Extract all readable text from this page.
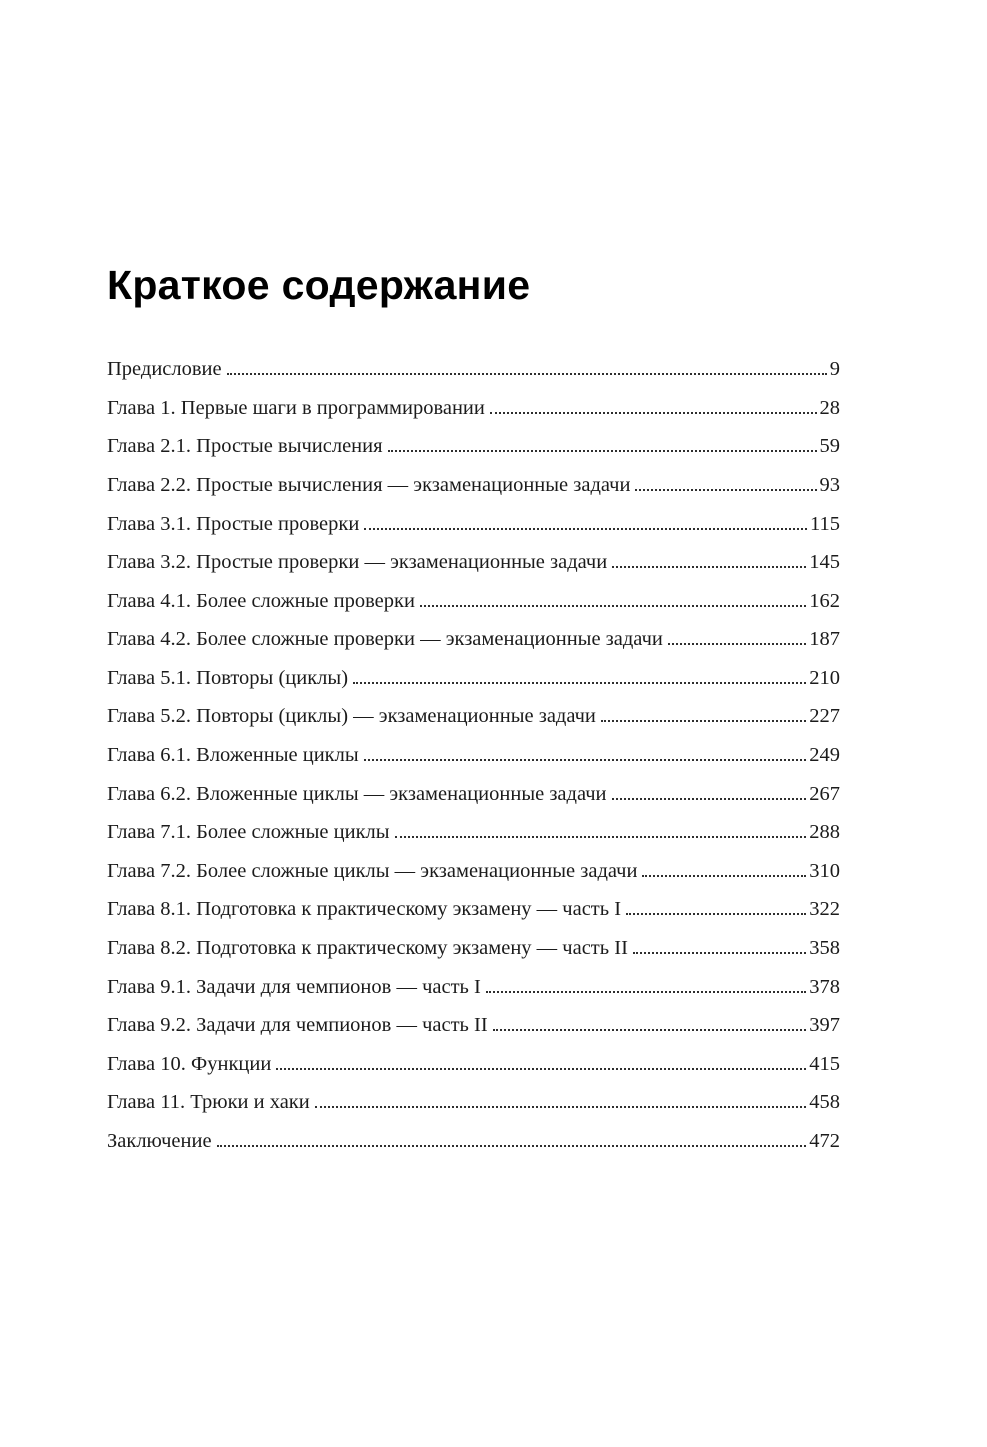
Краткое содержание
Предисловие	9
Глава 1. Первые шаги в программировании	28
Глава 2.1. Простые вычисления	59
Глава 2.2. Простые вычисления — экзаменационные задачи	93
Глава 3.1. Простые проверки	115
Глава 3.2. Простые проверки — экзаменационные задачи	145
Глава 4.1. Более сложные проверки	162
Глава 4.2. Более сложные проверки — экзаменационные задачи	187
Глава 5.1. Повторы (циклы)	210
Глава 5.2. Повторы (циклы) — экзаменационные задачи	227
Глава 6.1. Вложенные циклы	249
Глава 6.2. Вложенные циклы — экзаменационные задачи	267
Глава 7.1. Более сложные циклы	288
Глава 7.2. Более сложные циклы — экзаменационные задачи	310
Глава 8.1. Подготовка к практическому экзамену — часть I	322
Глава 8.2. Подготовка к практическому экзамену — часть II	358
Глава 9.1. Задачи для чемпионов — часть I	378
Глава 9.2. Задачи для чемпионов — часть II	397
Глава 10. Функции	415
Глава 11. Трюки и хаки	458
Заключение	472
